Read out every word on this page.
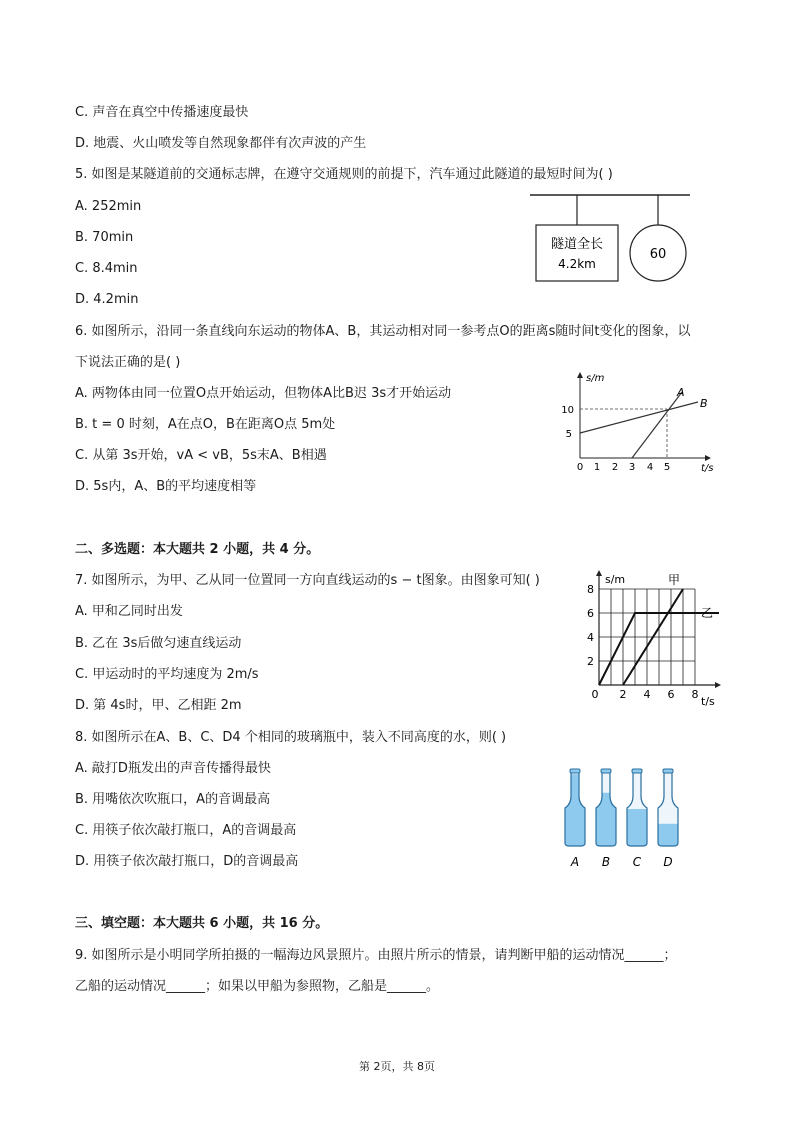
C. 声音在真空中传播速度最快
D. 地震、火山喷发等自然现象都伴有次声波的产生
5. 如图是某隧道前的交通标志牌，在遵守交通规则的前提下，汽车通过此隧道的最短时间为( )
A. 252min
B. 70min
C. 8.4min
D. 4.2min
6. 如图所示，沿同一条直线向东运动的物体A、B，其运动相对同一参考点O的距离s随时间t变化的图象，以
下说法正确的是( )
A. 两物体由同一位置O点开始运动，但物体A比B迟 3s才开始运动
B. t = 0 时刻，A在点O，B在距离O点 5m处
C. 从第 3s开始，vA < vB，5s末A、B相遇
D. 5s内，A、B的平均速度相等
二、多选题：本大题共 2 小题，共 4 分。
7. 如图所示，为甲、乙从同一位置同一方向直线运动的s − t图象。由图象可知( )
A. 甲和乙同时出发
B. 乙在 3s后做匀速直线运动
C. 甲运动时的平均速度为 2m/s
D. 第 4s时，甲、乙相距 2m
8. 如图所示在A、B、C、D4 个相同的玻璃瓶中，装入不同高度的水，则( )
A. 敲打D瓶发出的声音传播得最快
B. 用嘴依次吹瓶口，A的音调最高
C. 用筷子依次敲打瓶口，A的音调最高
D. 用筷子依次敲打瓶口，D的音调最高
三、填空题：本大题共 6 小题，共 16 分。
9. 如图所示是小明同学所拍摄的一幅海边风景照片。由照片所示的情景，请判断甲船的运动情况______；
乙船的运动情况______；如果以甲船为参照物，乙船是______。
隧道全长
4.2km
60
s/m
t/s
A
B
5
10
0 1 2 3 4 5
s/m
t/s
甲
乙
2
4
6
8
0 2 4 6 8
A B C D
第 2页，共 8页
